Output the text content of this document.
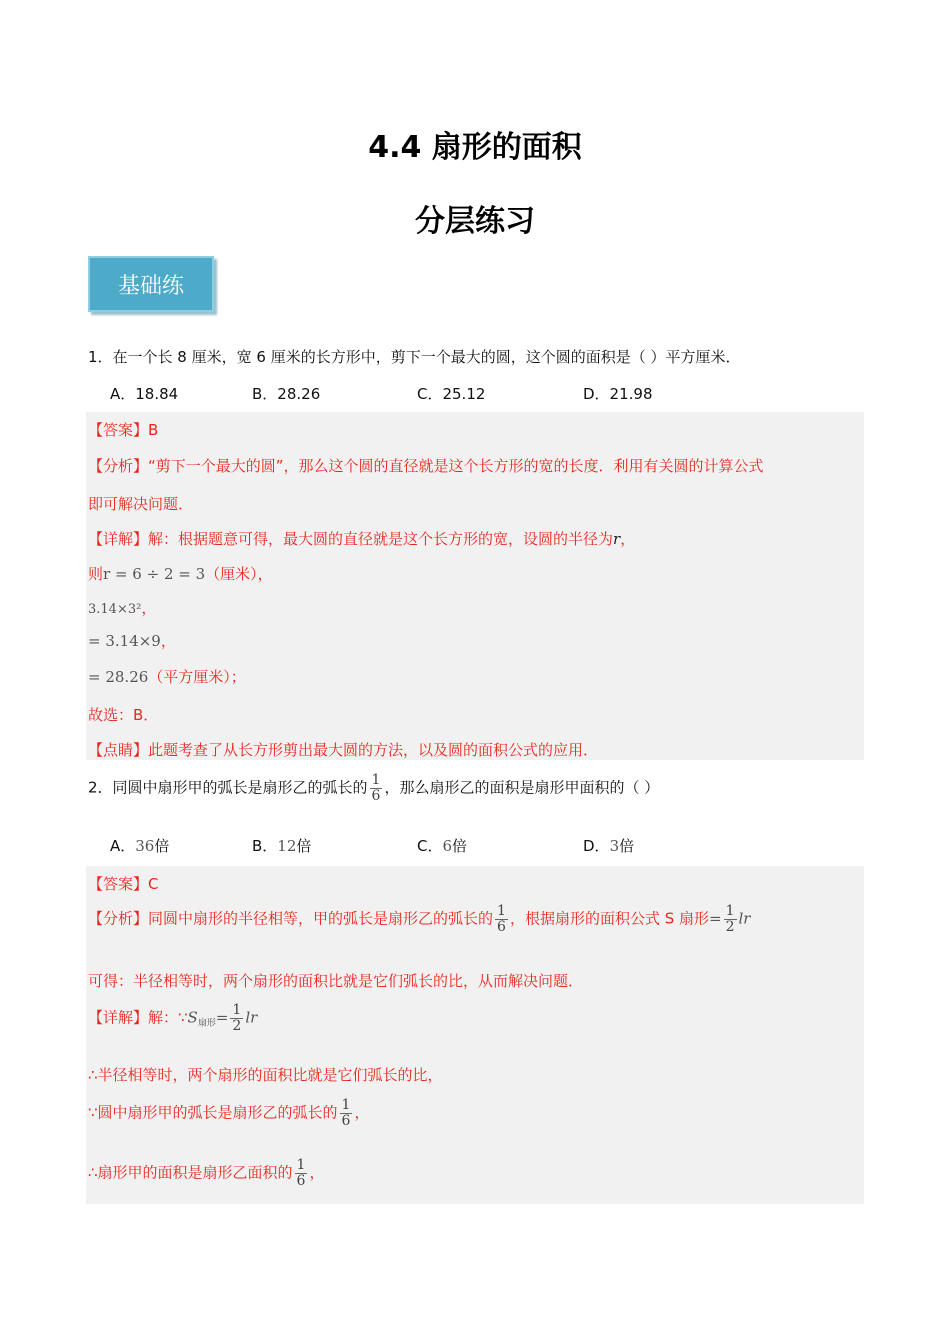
4.4 扇形的面积
分层练习
基础练
1．在一个长 8 厘米，宽 6 厘米的长方形中，剪下一个最大的圆，这个圆的面积是（ ）平方厘米．
A．18.84	B．28.26	C．25.12	D．21.98
【答案】B
【分析】“剪下一个最大的圆”，那么这个圆的直径就是这个长方形的宽的长度．利用有关圆的计算公式
即可解决问题．
【详解】解：根据题意可得，最大圆的直径就是这个长方形的宽，设圆的半径为r，
则r = 6 ÷ 2 = 3（厘米），
3.14×3²，
= 3.14×9，
= 28.26（平方厘米）；
故选：B．
【点睛】此题考查了从长方形剪出最大圆的方法，以及圆的面积公式的应用．
2．同圆中扇形甲的弧长是扇形乙的弧长的 $\frac{1}{6}$ ，那么扇形乙的面积是扇形甲面积的（ ）
A．36倍	B．12倍	C．6倍	D．3倍
【答案】C
【分析】同圆中扇形的半径相等，甲的弧长是扇形乙的弧长的 $\frac{1}{6}$ ，根据扇形的面积公式 S 扇形= $\frac{1}{2}$ lr
可得：半径相等时，两个扇形的面积比就是它们弧长的比，从而解决问题．
【详解】解：$\because S_{扇形}= \frac{1}{2}$ lr
∴半径相等时，两个扇形的面积比就是它们弧长的比，
∵圆中扇形甲的弧长是扇形乙的弧长的 $\frac{1}{6}$ ，
∴扇形甲的面积是扇形乙面积的 $\frac{1}{6}$ ，
